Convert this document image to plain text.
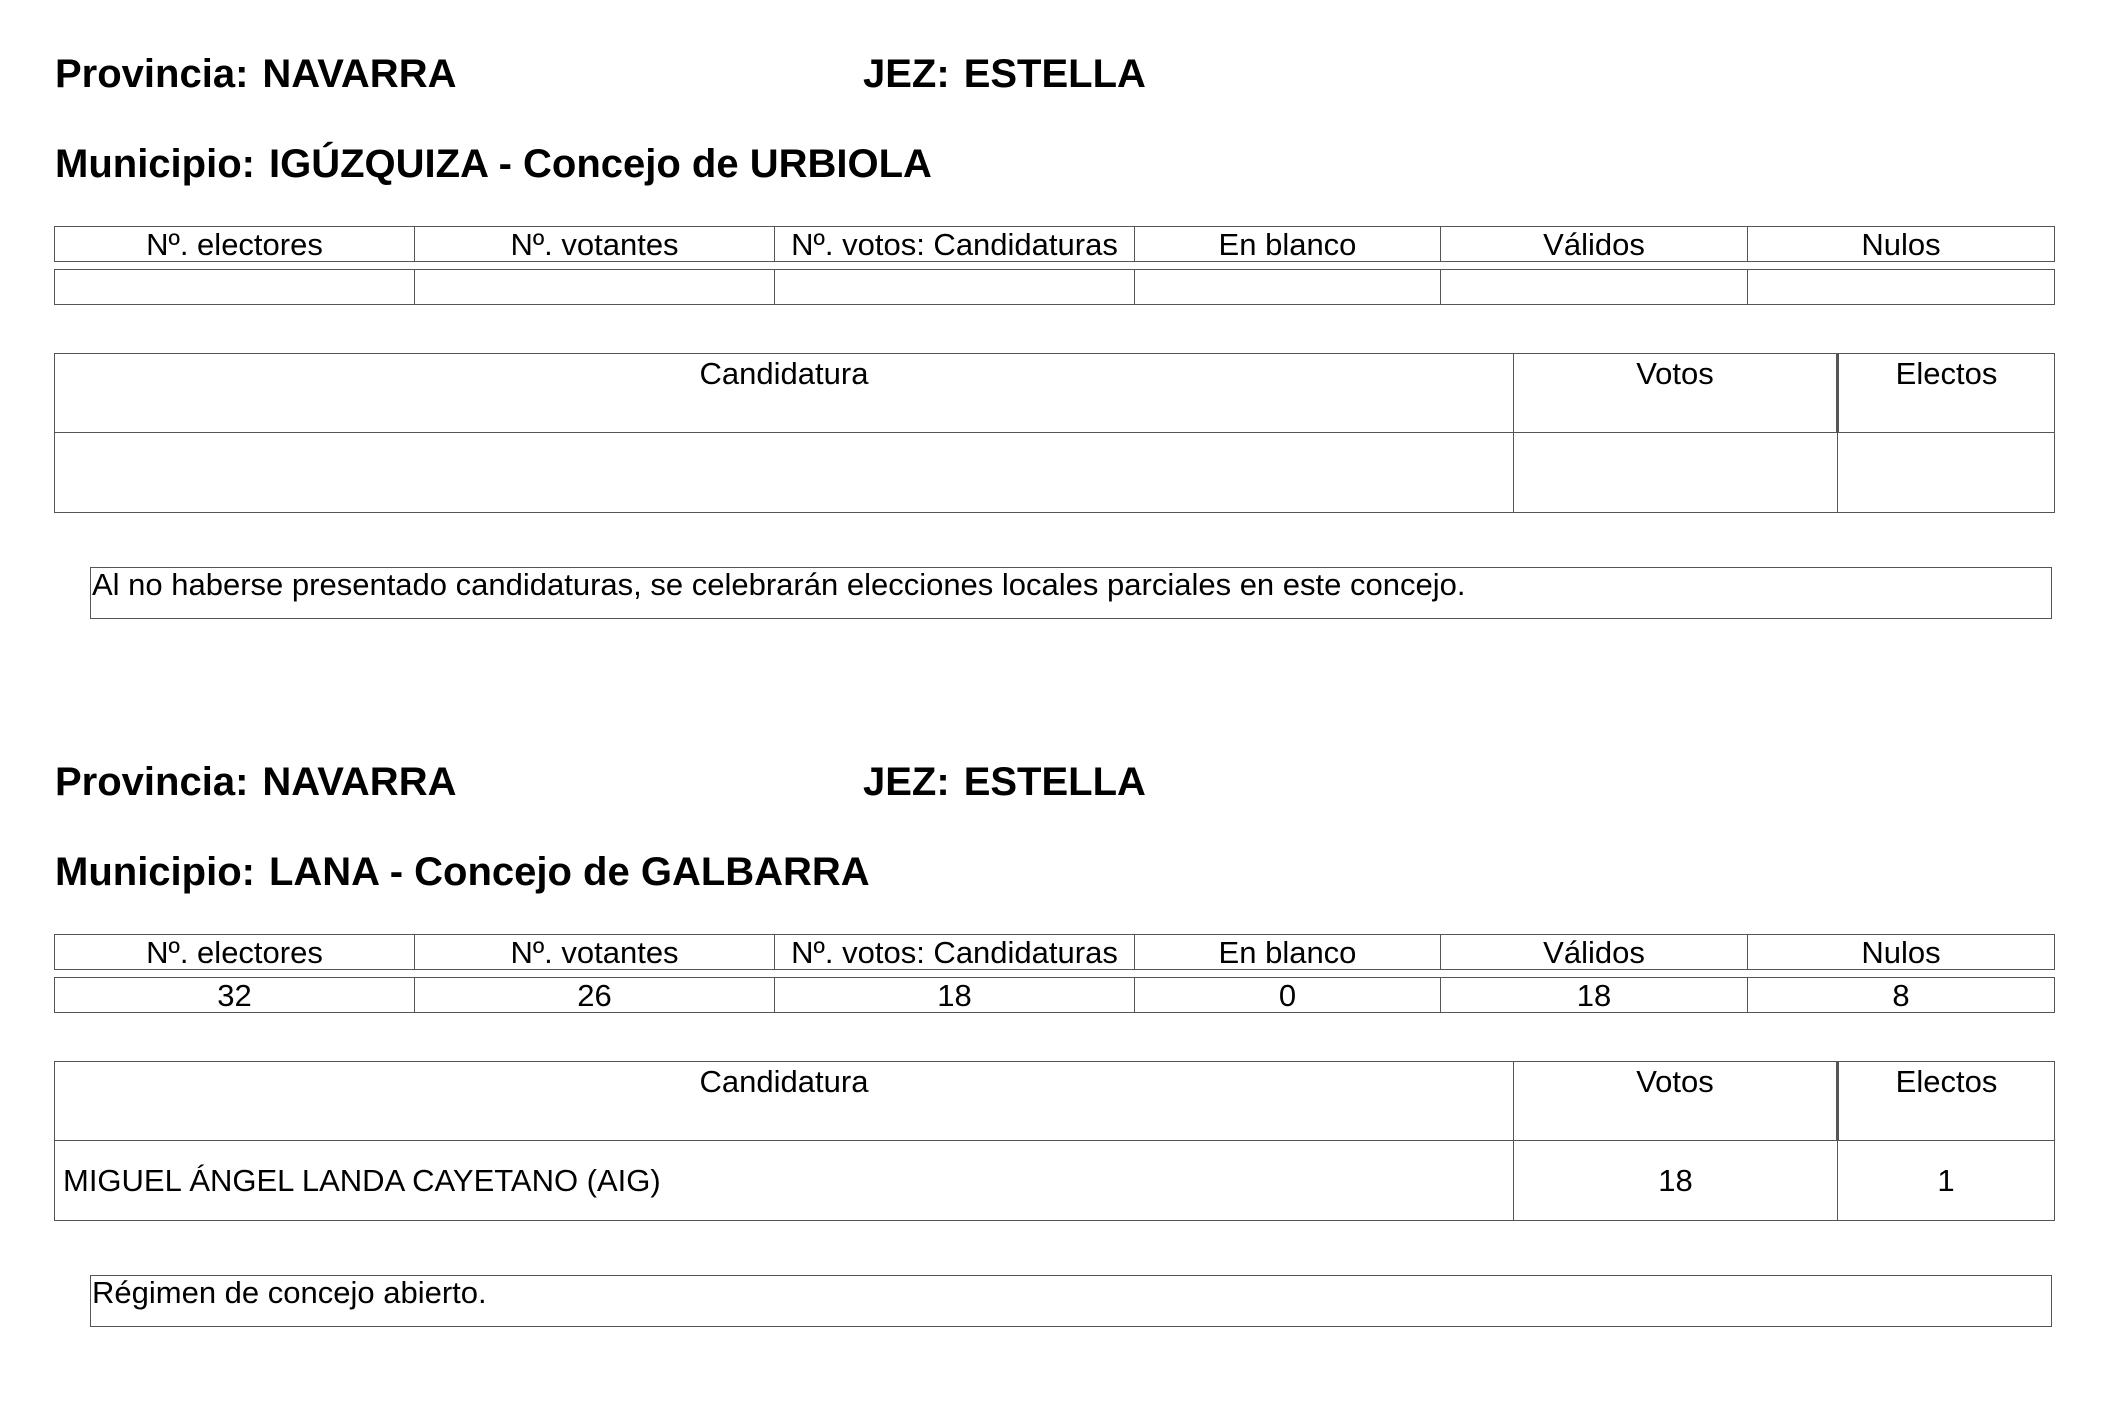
Provincia: NAVARRA	JEZ: ESTELLA
Municipio: IGÚZQUIZA - Concejo de URBIOLA
Nº. electores	Nº. votantes	Nº. votos: Candidaturas	En blanco	Válidos	Nulos

Candidatura	Votos	Electos

Al no haberse presentado candidaturas, se celebrarán elecciones locales parciales en este concejo.
Provincia: NAVARRA	JEZ: ESTELLA
Municipio: LANA - Concejo de GALBARRA
Nº. electores	Nº. votantes	Nº. votos: Candidaturas	En blanco	Válidos	Nulos
32	26	18	0	18	8
Candidatura	Votos	Electos
MIGUEL ÁNGEL LANDA CAYETANO (AIG)	18	1
Régimen de concejo abierto.
